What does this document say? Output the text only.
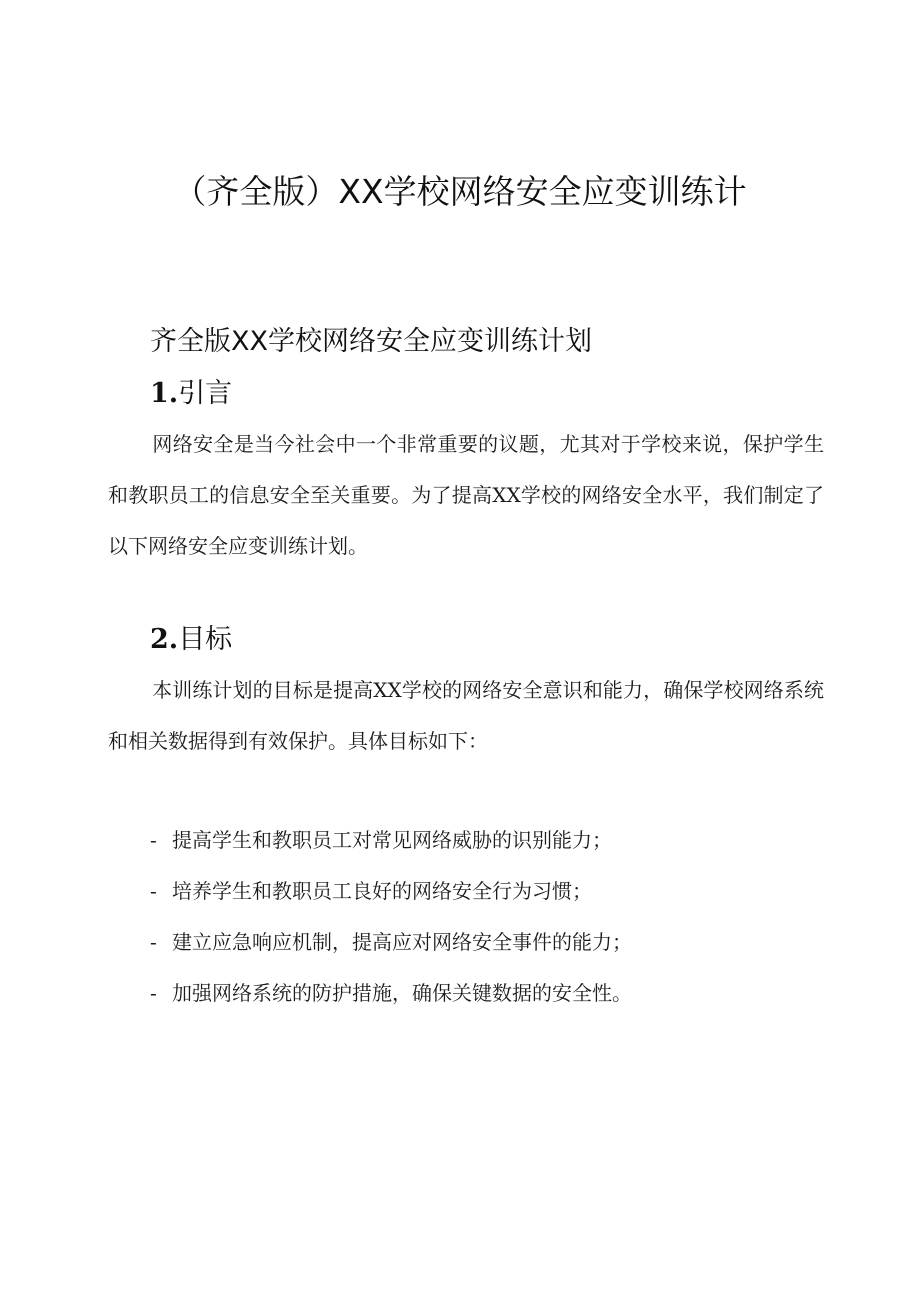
（齐全版）XX学校网络安全应变训练计
齐全版XX学校网络安全应变训练计划
1.引言

网络安全是当今社会中一个非常重要的议题，尤其对于学校来说，保护学生和教职员工的信息安全至关重要。为了提高XX学校的网络安全水平，我们制定了以下网络安全应变训练计划。

2.目标

本训练计划的目标是提高XX学校的网络安全意识和能力，确保学校网络系统和相关数据得到有效保护。具体目标如下：

- 提高学生和教职员工对常见网络威胁的识别能力；
- 培养学生和教职员工良好的网络安全行为习惯；
- 建立应急响应机制，提高应对网络安全事件的能力；
- 加强网络系统的防护措施，确保关键数据的安全性。
